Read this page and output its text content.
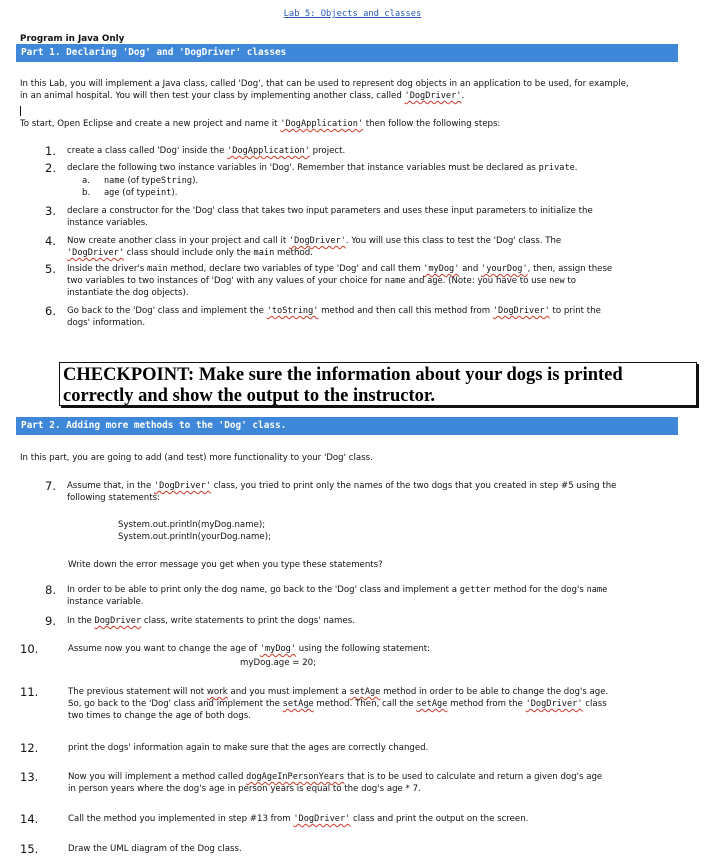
Lab 5: Objects and classes
Program in Java Only
Part 1. Declaring 'Dog' and 'DogDriver' classes
In this Lab, you will implement a Java class, called 'Dog', that can be used to represent dog objects in an application to be used, for example,
in an animal hospital. You will then test your class by implementing another class, called 'DogDriver'.
To start, Open Eclipse and create a new project and name it 'DogApplication' then follow the following steps:
1.	create a class called 'Dog' inside the 'DogApplication' project.
2.	declare the following two instance variables in 'Dog'. Remember that instance variables must be declared as private.
a.	name
(of type String ).
b.	age
(of type int ).
3. declare a constructor for the 'Dog' class that takes two input parameters and uses these input parameters to initialize the
instance variables.
4. Now create another class in your project and call it 'DogDriver'. You will use this class to test the 'Dog' class. The
'DogDriver' class should include only the main method.
5. Inside the driver's main method, declare two variables of type 'Dog' and call them 'myDog' and 'yourDog', then, assign these
two variables to two instances of 'Dog' with any values of your choice for name and age. (Note: you have to use new to
instantiate the dog objects).
6. Go back to the 'Dog' class and implement the 'toString' method and then call this method from 'DogDriver' to print the
dogs' information.
CHECKPOINT: Make sure the information about your dogs is printed
correctly and show the output to the instructor.
Part 2. Adding more methods to the 'Dog' class.
In this part, you are going to add (and test) more functionality to your 'Dog' class.
7. Assume that, in the 'DogDriver' class, you tried to print only the names of the two dogs that you created in step #5 using the
following statements:
System.out.println(myDog.name);
System.out.println(yourDog.name);
Write down the error message you get when you type these statements?
8. In order to be able to print only the dog name, go back to the 'Dog' class and implement a getter method for the dog's name
instance variable.
9.	In the DogDriver class, write statements to print the dogs' names.
10.	Assume now you want to change the age of 'myDog' using the following statement:
myDog.age = 20;
11.	The previous statement will not work and you must implement a setAge method in order to be able to change the dog's age.
So, go back to the 'Dog' class and implement the setAge method. Then, call the setAge method from the 'DogDriver' class
two times to change the age of both dogs.
12.	print the dogs' information again to make sure that the ages are correctly changed.
13.	Now you will implement a method called dogAgeInPersonYears that is to be used to calculate and return a given dog's age
in person years where the dog's age in person years is equal to the dog's age * 7.
14.	Call the method you implemented in step #13 from 'DogDriver' class and print the output on the screen.
15.	Draw the UML diagram of the Dog class.
